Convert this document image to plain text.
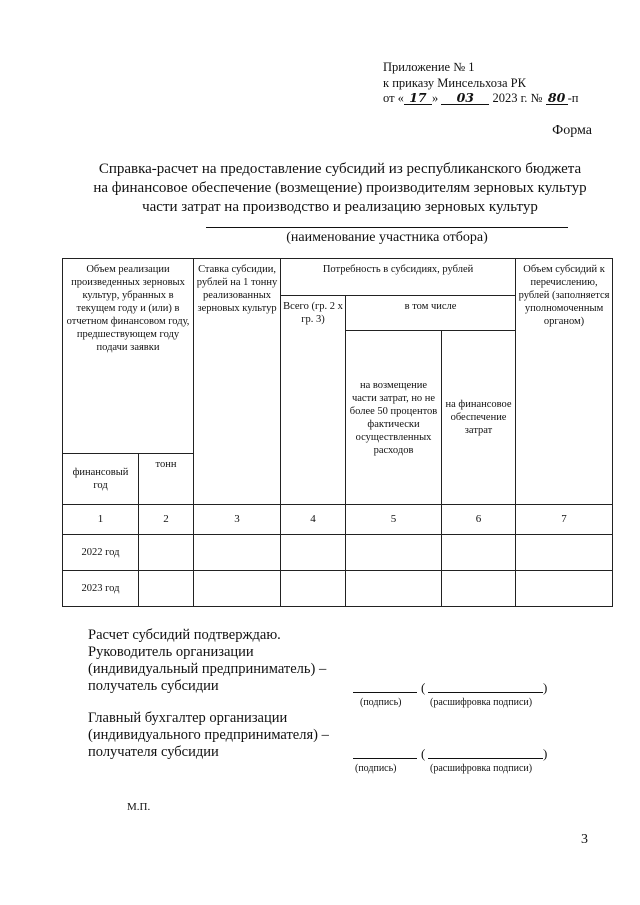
Приложение № 1
к приказу Минсельхоза РК
от « 17 » 03 2023 г. № 80 -п
Форма
Справка-расчет на предоставление субсидий из республиканского бюджета
на финансовое обеспечение (возмещение) производителям зерновых культур
части затрат на производство и реализацию зерновых культур
(наименование участника отбора)
Объем реализации произведенных зерновых культур, убранных в текущем году и (или) в отчетном финансовом году, предшествующем году подачи заявки		Ставка субсидии, рублей на 1 тонну реализованных зерновых культур	Потребность в субсидиях, рублей			Объем субсидий к перечислению, рублей (заполняется уполномоченным органом)
			Всего (гр. 2 х гр. 3)	в том числе		
				на возмещение части затрат, но не более 50 процентов фактически осуществленных расходов	на финансовое обеспечение затрат	

финансовый год	тонн					
1	2	3	4	5	6	7
2022 год						
2023 год						
Расчет субсидий подтверждаю.
Руководитель организации
(индивидуальный предприниматель) –
получатель субсидии	(	)
(подпись)	(расшифровка подписи)
Главный бухгалтер организации
(индивидуального предпринимателя) –
получателя субсидии	(	)
(подпись)	(расшифровка подписи)
М.П.
3
